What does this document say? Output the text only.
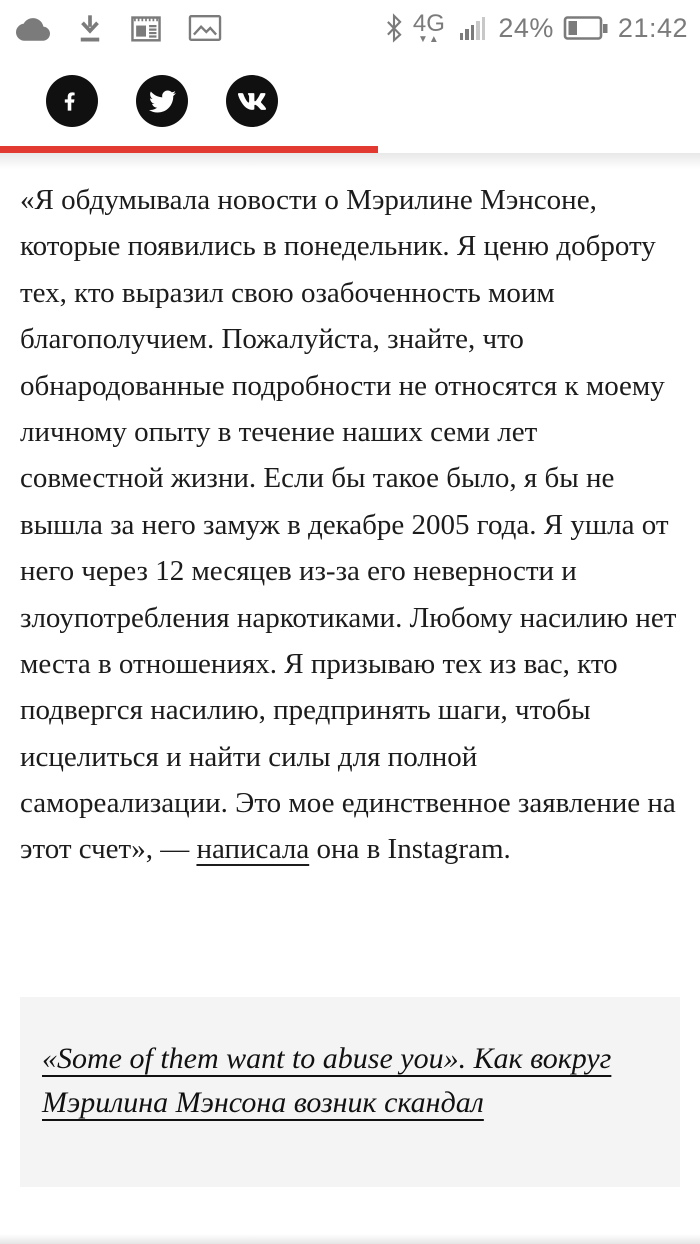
4G
▼▲ 24% 21:42
«Я обдумывала новости о Мэрилине Мэнсоне, которые появились в понедельник. Я ценю доброту тех, кто выразил свою озабоченность моим благополучием. Пожалуйста, знайте, что обнародованные подробности не относятся к моему личному опыту в течение наших семи лет совместной жизни. Если бы такое было, я бы не вышла за него замуж в декабре 2005 года. Я ушла от него через 12 месяцев из-за его неверности и злоупотребления наркотиками. Любому насилию нет места в отношениях. Я призываю тех из вас, кто подвергся насилию, предпринять шаги, чтобы исцелиться и найти силы для полной самореализации. Это мое единственное заявление на этот счет», — написала она в Instagram.
«Some of them want to abuse you». Как вокруг Мэрилина Мэнсона возник скандал
